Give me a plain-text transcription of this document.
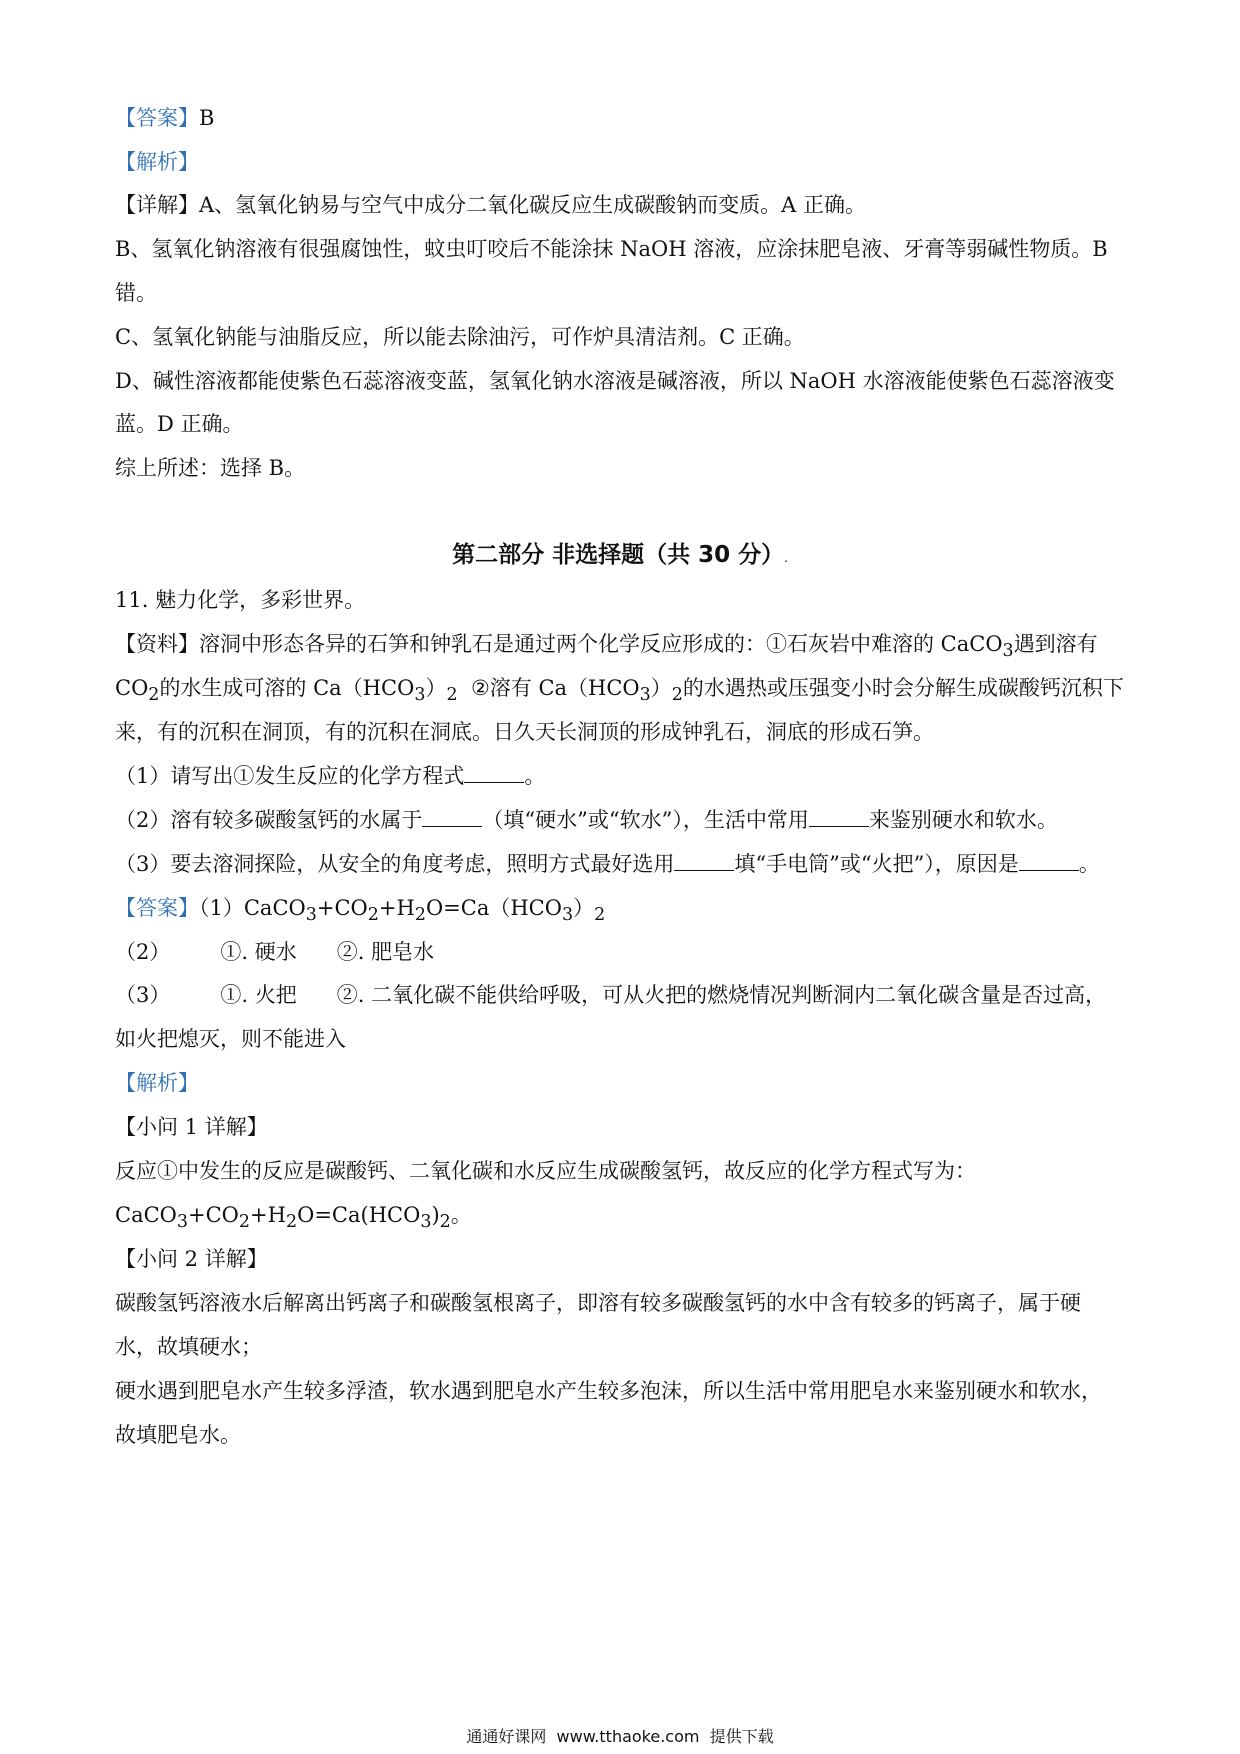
【答案】B
【解析】
【详解】A、氢氧化钠易与空气中成分二氧化碳反应生成碳酸钠而变质。A 正确。
B、氢氧化钠溶液有很强腐蚀性，蚊虫叮咬后不能涂抹 NaOH 溶液，应涂抹肥皂液、牙膏等弱碱性物质。B
错。
C、氢氧化钠能与油脂反应，所以能去除油污，可作炉具清洁剂。C 正确。
D、碱性溶液都能使紫色石蕊溶液变蓝，氢氧化钠水溶液是碱溶液，所以 NaOH 水溶液能使紫色石蕊溶液变
蓝。D 正确。
综上所述：选择 B。
第二部分 非选择题（共 30 分）.
11. 魅力化学，多彩世界。
【资料】溶洞中形态各异的石笋和钟乳石是通过两个化学反应形成的：①石灰岩中难溶的 CaCO$_3$遇到溶有
$CO_2$的水生成可溶的 $Ca(HCO_3)_2$  ②溶有 $Ca(HCO_3)_2$的水遇热或压强变小时会分解生成碳酸钙沉积下
来，有的沉积在洞顶，有的沉积在洞底。日久天长洞顶的形成钟乳石，洞底的形成石笋。
（1）请写出①发生反应的化学方程式	。
（2）溶有较多碳酸氢钙的水属于	（填“硬水”或“软水”），生活中常用	来鉴别硬水和软水。
（3）要去溶洞探险，从安全的角度考虑，照明方式最好选用	填“手电筒”或“火把”），原因是	。
【答案】$(1)CaCO_3+CO_2+H_2O=Ca(HCO_3)_2$
（2） ①. 硬水 ②. 肥皂水
（3） ①. 火把 ②. 二氧化碳不能供给呼吸，可从火把的燃烧情况判断洞内二氧化碳含量是否过高，
如火把熄灭，则不能进入
【解析】
【小问 1 详解】
反应①中发生的反应是碳酸钙、二氧化碳和水反应生成碳酸氢钙，故反应的化学方程式写为：
$CaCO_3+CO_2+H_2O=Ca(HCO_3)_2$。
【小问 2 详解】
碳酸氢钙溶液水后解离出钙离子和碳酸氢根离子，即溶有较多碳酸氢钙的水中含有较多的钙离子，属于硬
水，故填硬水；
硬水遇到肥皂水产生较多浮渣，软水遇到肥皂水产生较多泡沫，所以生活中常用肥皂水来鉴别硬水和软水，
故填肥皂水。
通通好课网  www.tthaoke.com  提供下载
